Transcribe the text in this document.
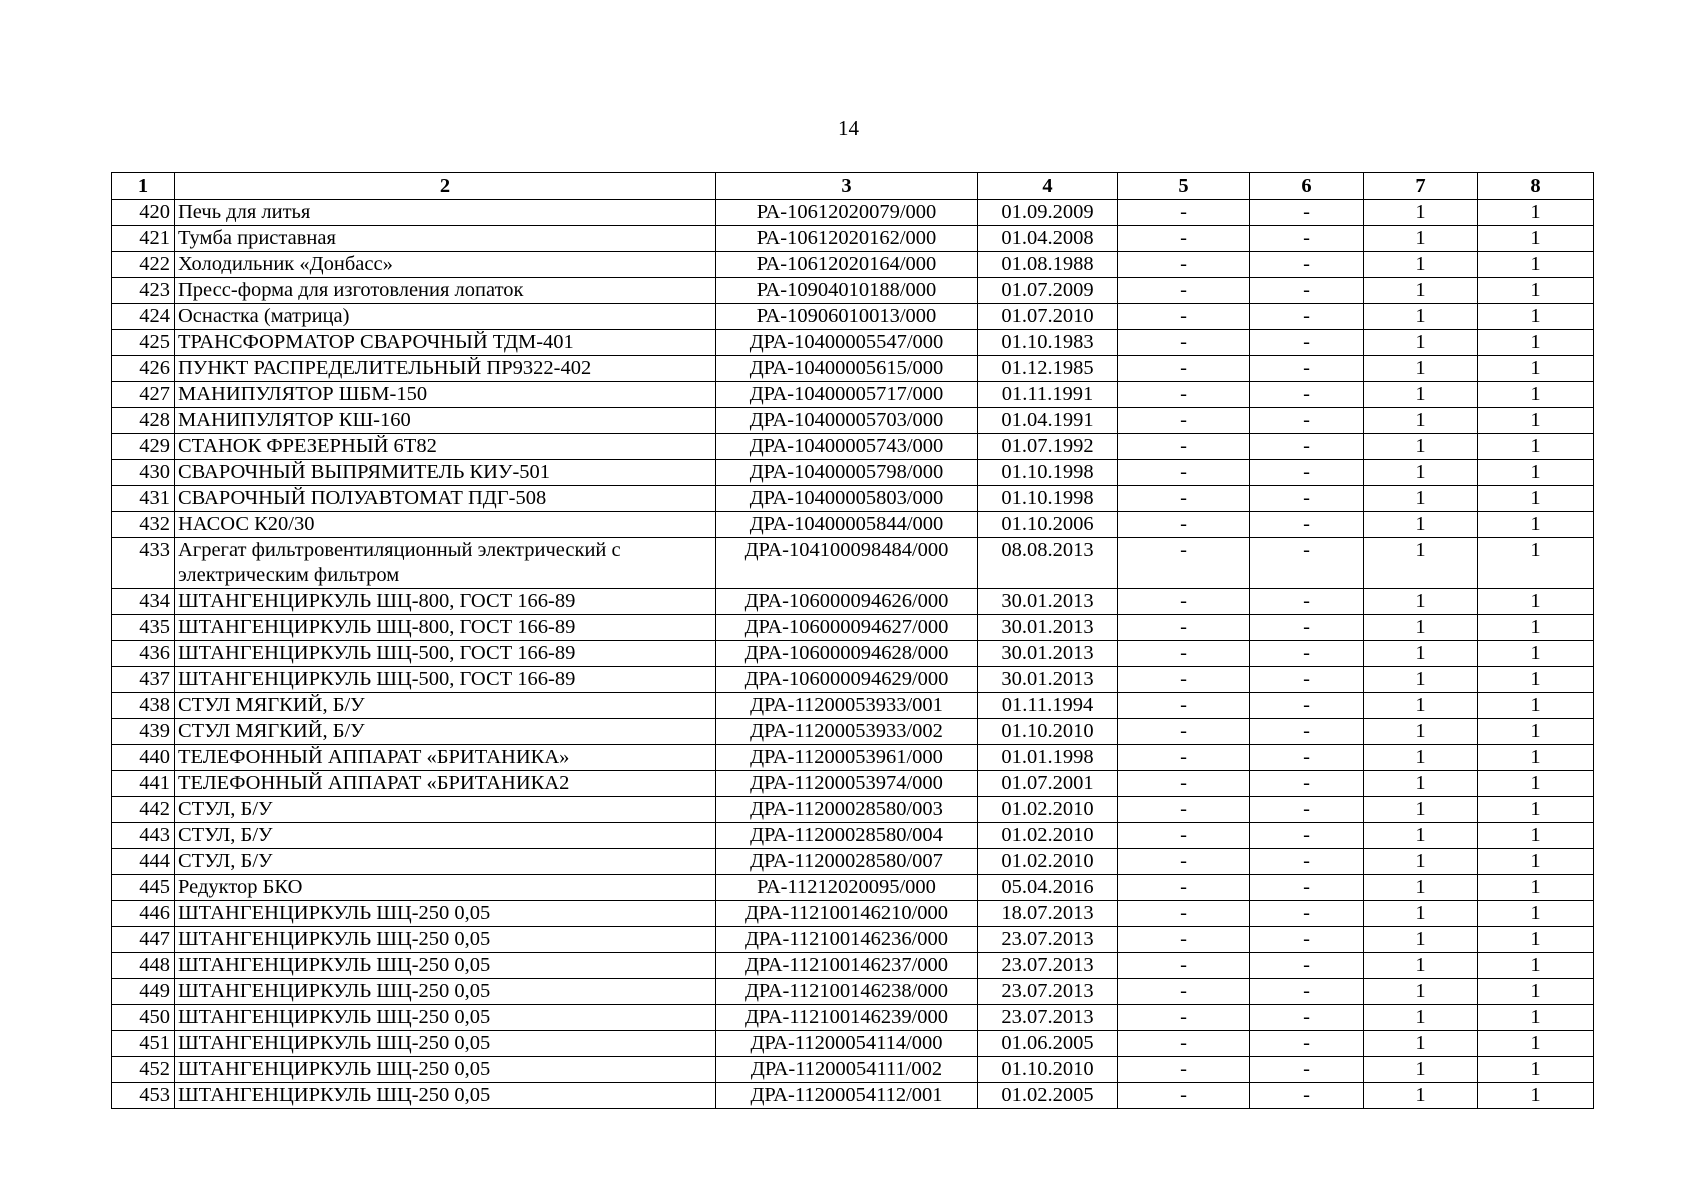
14
1	2	3	4	5	6	7	8
420	Печь для литья	РА-10612020079/000	01.09.2009	-	-	1	1
421	Тумба приставная	РА-10612020162/000	01.04.2008	-	-	1	1
422	Холодильник «Донбасс»	РА-10612020164/000	01.08.1988	-	-	1	1
423	Пресс-форма для изготовления лопаток	РА-10904010188/000	01.07.2009	-	-	1	1
424	Оснастка (матрица)	РА-10906010013/000	01.07.2010	-	-	1	1
425	ТРАНСФОРМАТОР СВАРОЧНЫЙ ТДМ-401	ДРА-10400005547/000	01.10.1983	-	-	1	1
426	ПУНКТ РАСПРЕДЕЛИТЕЛЬНЫЙ ПР9322-402	ДРА-10400005615/000	01.12.1985	-	-	1	1
427	МАНИПУЛЯТОР ШБМ-150	ДРА-10400005717/000	01.11.1991	-	-	1	1
428	МАНИПУЛЯТОР КШ-160	ДРА-10400005703/000	01.04.1991	-	-	1	1
429	СТАНОК ФРЕЗЕРНЫЙ 6Т82	ДРА-10400005743/000	01.07.1992	-	-	1	1
430	СВАРОЧНЫЙ ВЫПРЯМИТЕЛЬ КИУ-501	ДРА-10400005798/000	01.10.1998	-	-	1	1
431	СВАРОЧНЫЙ ПОЛУАВТОМАТ ПДГ-508	ДРА-10400005803/000	01.10.1998	-	-	1	1
432	НАСОС К20/30	ДРА-10400005844/000	01.10.2006	-	-	1	1
433	Агрегат фильтровентиляционный электрический с электрическим фильтром	ДРА-104100098484/000	08.08.2013	-	-	1	1
434	ШТАНГЕНЦИРКУЛЬ ШЦ-800, ГОСТ 166-89	ДРА-106000094626/000	30.01.2013	-	-	1	1
435	ШТАНГЕНЦИРКУЛЬ ШЦ-800, ГОСТ 166-89	ДРА-106000094627/000	30.01.2013	-	-	1	1
436	ШТАНГЕНЦИРКУЛЬ ШЦ-500, ГОСТ 166-89	ДРА-106000094628/000	30.01.2013	-	-	1	1
437	ШТАНГЕНЦИРКУЛЬ ШЦ-500, ГОСТ 166-89	ДРА-106000094629/000	30.01.2013	-	-	1	1
438	СТУЛ МЯГКИЙ, Б/У	ДРА-11200053933/001	01.11.1994	-	-	1	1
439	СТУЛ МЯГКИЙ, Б/У	ДРА-11200053933/002	01.10.2010	-	-	1	1
440	ТЕЛЕФОННЫЙ АППАРАТ «БРИТАНИКА»	ДРА-11200053961/000	01.01.1998	-	-	1	1
441	ТЕЛЕФОННЫЙ АППАРАТ «БРИТАНИКА2	ДРА-11200053974/000	01.07.2001	-	-	1	1
442	СТУЛ, Б/У	ДРА-11200028580/003	01.02.2010	-	-	1	1
443	СТУЛ, Б/У	ДРА-11200028580/004	01.02.2010	-	-	1	1
444	СТУЛ, Б/У	ДРА-11200028580/007	01.02.2010	-	-	1	1
445	Редуктор БКО	РА-11212020095/000	05.04.2016	-	-	1	1
446	ШТАНГЕНЦИРКУЛЬ ШЦ-250 0,05	ДРА-112100146210/000	18.07.2013	-	-	1	1
447	ШТАНГЕНЦИРКУЛЬ ШЦ-250 0,05	ДРА-112100146236/000	23.07.2013	-	-	1	1
448	ШТАНГЕНЦИРКУЛЬ ШЦ-250 0,05	ДРА-112100146237/000	23.07.2013	-	-	1	1
449	ШТАНГЕНЦИРКУЛЬ ШЦ-250 0,05	ДРА-112100146238/000	23.07.2013	-	-	1	1
450	ШТАНГЕНЦИРКУЛЬ ШЦ-250 0,05	ДРА-112100146239/000	23.07.2013	-	-	1	1
451	ШТАНГЕНЦИРКУЛЬ ШЦ-250 0,05	ДРА-11200054114/000	01.06.2005	-	-	1	1
452	ШТАНГЕНЦИРКУЛЬ ШЦ-250 0,05	ДРА-11200054111/002	01.10.2010	-	-	1	1
453	ШТАНГЕНЦИРКУЛЬ ШЦ-250 0,05	ДРА-11200054112/001	01.02.2005	-	-	1	1
